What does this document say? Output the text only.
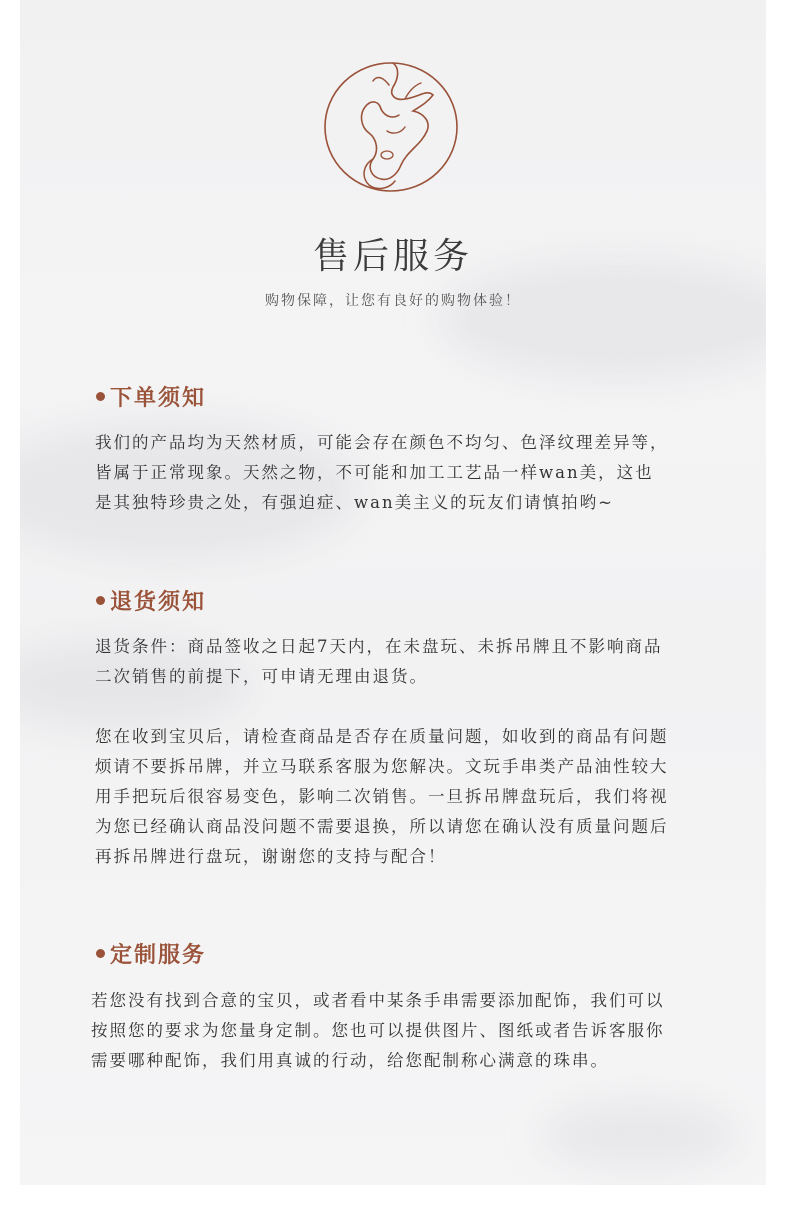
售后服务
购物保障，让您有良好的购物体验！
下单须知
我们的产品均为天然材质，可能会存在颜色不均匀、色泽纹理差异等，
皆属于正常现象。天然之物，不可能和加工工艺品一样wan美，这也
是其独特珍贵之处，有强迫症、wan美主义的玩友们请慎拍哟~
退货须知
退货条件：商品签收之日起7天内，在未盘玩、未拆吊牌且不影响商品
二次销售的前提下，可申请无理由退货。
您在收到宝贝后，请检查商品是否存在质量问题，如收到的商品有问题
烦请不要拆吊牌，并立马联系客服为您解决。文玩手串类产品油性较大
用手把玩后很容易变色，影响二次销售。一旦拆吊牌盘玩后，我们将视
为您已经确认商品没问题不需要退换，所以请您在确认没有质量问题后
再拆吊牌进行盘玩，谢谢您的支持与配合！
定制服务
若您没有找到合意的宝贝，或者看中某条手串需要添加配饰，我们可以
按照您的要求为您量身定制。您也可以提供图片、图纸或者告诉客服你
需要哪种配饰，我们用真诚的行动，给您配制称心满意的珠串。
